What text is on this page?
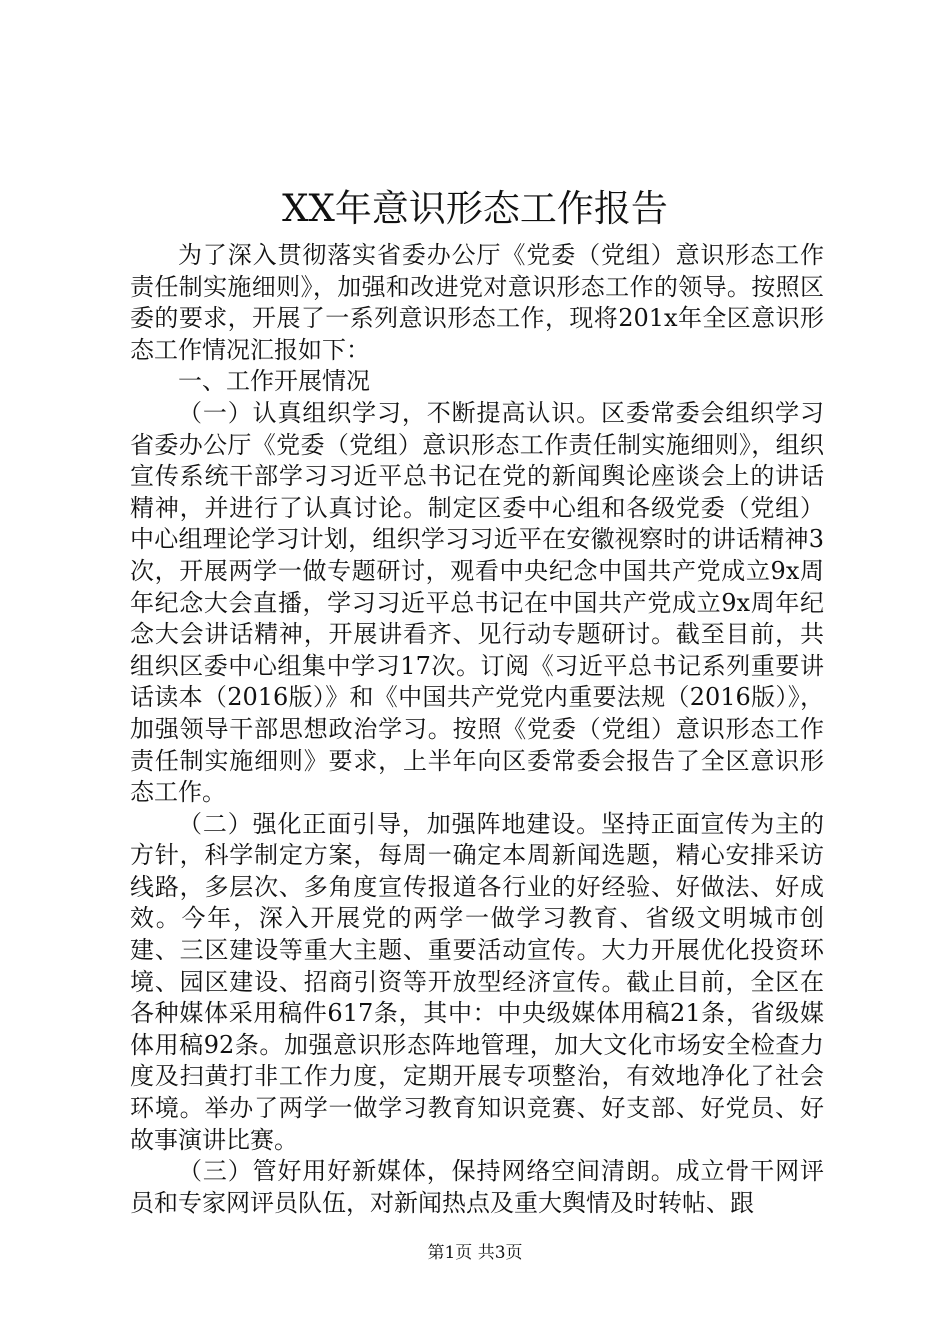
XX年意识形态工作报告

为了深入贯彻落实省委办公厅《党委（党组）意识形态工作责任制实施细则》，加强和改进党对意识形态工作的领导。按照区委的要求，开展了一系列意识形态工作，现将201x年全区意识形态工作情况汇报如下：

一、工作开展情况

（一）认真组织学习，不断提高认识。区委常委会组织学习省委办公厅《党委（党组）意识形态工作责任制实施细则》，组织宣传系统干部学习习近平总书记在党的新闻舆论座谈会上的讲话精神，并进行了认真讨论。制定区委中心组和各级党委（党组）中心组理论学习计划，组织学习习近平在安徽视察时的讲话精神3次，开展两学一做专题研讨，观看中央纪念中国共产党成立9x周年纪念大会直播，学习习近平总书记在中国共产党成立9x周年纪念大会讲话精神，开展讲看齐、见行动专题研讨。截至目前，共组织区委中心组集中学习17次。订阅《习近平总书记系列重要讲话读本（2016版）》和《中国共产党党内重要法规（2016版）》，加强领导干部思想政治学习。按照《党委（党组）意识形态工作责任制实施细则》要求，上半年向区委常委会报告了全区意识形态工作。

（二）强化正面引导，加强阵地建设。坚持正面宣传为主的方针，科学制定方案，每周一确定本周新闻选题，精心安排采访线路，多层次、多角度宣传报道各行业的好经验、好做法、好成效。今年，深入开展党的两学一做学习教育、省级文明城市创建、三区建设等重大主题、重要活动宣传。大力开展优化投资环境、园区建设、招商引资等开放型经济宣传。截止目前，全区在各种媒体采用稿件617条，其中：中央级媒体用稿21条，省级媒体用稿92条。加强意识形态阵地管理，加大文化市场安全检查力度及扫黄打非工作力度，定期开展专项整治，有效地净化了社会环境。举办了两学一做学习教育知识竞赛、好支部、好党员、好故事演讲比赛。

（三）管好用好新媒体，保持网络空间清朗。成立骨干网评员和专家网评员队伍，对新闻热点及重大舆情及时转帖、跟

第1页 共3页
